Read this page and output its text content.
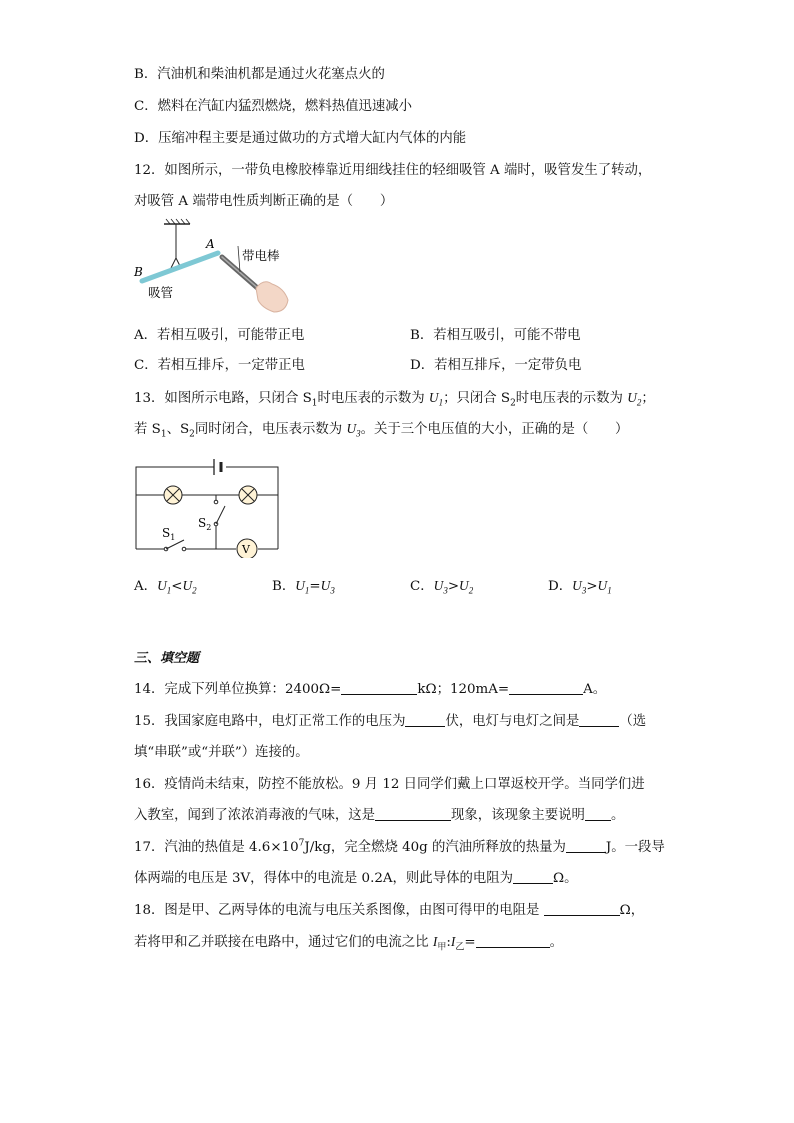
B．汽油机和柴油机都是通过火花塞点火的
C．燃料在汽缸内猛烈燃烧，燃料热值迅速减小
D．压缩冲程主要是通过做功的方式增大缸内气体的内能
12．如图所示，一带负电橡胶棒靠近用细线挂住的轻细吸管 A 端时，吸管发生了转动，
对吸管 A 端带电性质判断正确的是（　　）
A
B
吸管
带电棒
A．若相互吸引，可能带正电	B．若相互吸引，可能不带电
C．若相互排斥，一定带正电	D．若相互排斥，一定带负电
13．如图所示电路，只闭合 $S_1$时电压表的示数为 $U_1$；只闭合 $S_2$时电压表的示数为 $U_2$；
若 $S_1$、$S_2$同时闭合，电压表示数为 $U_3$。关于三个电压值的大小，正确的是（　　）
V
$S_1$
$S_2$
A．$U_1<U_2$	B．$U_1=U_3$	C．$U_3>U_2$	D．$U_3>U_1$
三、填空题
14．完成下列单位换算：2400Ω=	kΩ；120mA=	A。
15．我国家庭电路中，电灯正常工作的电压为	伏，电灯与电灯之间是	（选
填“串联”或“并联”）连接的。
16．疫情尚未结束，防控不能放松。9 月 12 日同学们戴上口罩返校开学。当同学们进
入教室，闻到了浓浓消毒液的气味，这是	现象，该现象主要说明 。
17．汽油的热值是 $4.6\times 10^7J/kg$，完全燃烧 40g 的汽油所释放的热量为	J。一段导
体两端的电压是 3V，得体中的电流是 0.2A，则此导体的电阻为	Ω。
18．图是甲、乙两导体的电流与电压关系图像，由图可得甲的电阻是	Ω，
若将甲和乙并联接在电路中，通过它们的电流之比 $I_甲:I_乙=$	。
